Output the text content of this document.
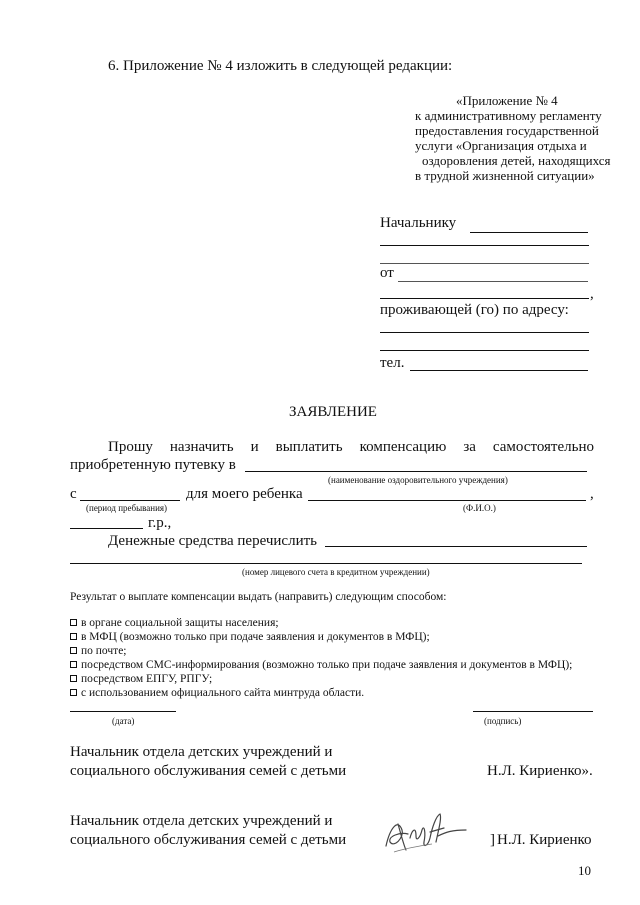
6. Приложение № 4 изложить в следующей редакции:
«Приложение № 4
к административному регламенту
предоставления государственной
услуги «Организация отдыха и
оздоровления детей, находящихся
в трудной жизненной ситуации»
Начальнику
от
,
проживающей (го) по адресу:
тел.
ЗАЯВЛЕНИЕ
Прошу назначить и выплатить компенсацию за самостоятельно
приобретенную путевку в
(наименование оздоровительного учреждения)
с	для моего ребенка	,
(период пребывания)	(Ф.И.О.)
г.р.,
Денежные средства перечислить
(номер лицевого счета в кредитном учреждении)
Результат о выплате компенсации выдать (направить) следующим способом:
в органе социальной защиты населения;
в МФЦ (возможно только при подаче заявления и документов в МФЦ);
по почте;
посредством СМС-информирования (возможно только при подаче заявления и документов в МФЦ);
посредством ЕПГУ, РПГУ;
с использованием официального сайта минтруда области.
(дата)	(подпись)
Начальник отдела детских учреждений и
социального обслуживания семей с детьми	Н.Л. Кириенко».
Начальник отдела детских учреждений и
социального обслуживания семей с детьми	] Н.Л. Кириенко
10
